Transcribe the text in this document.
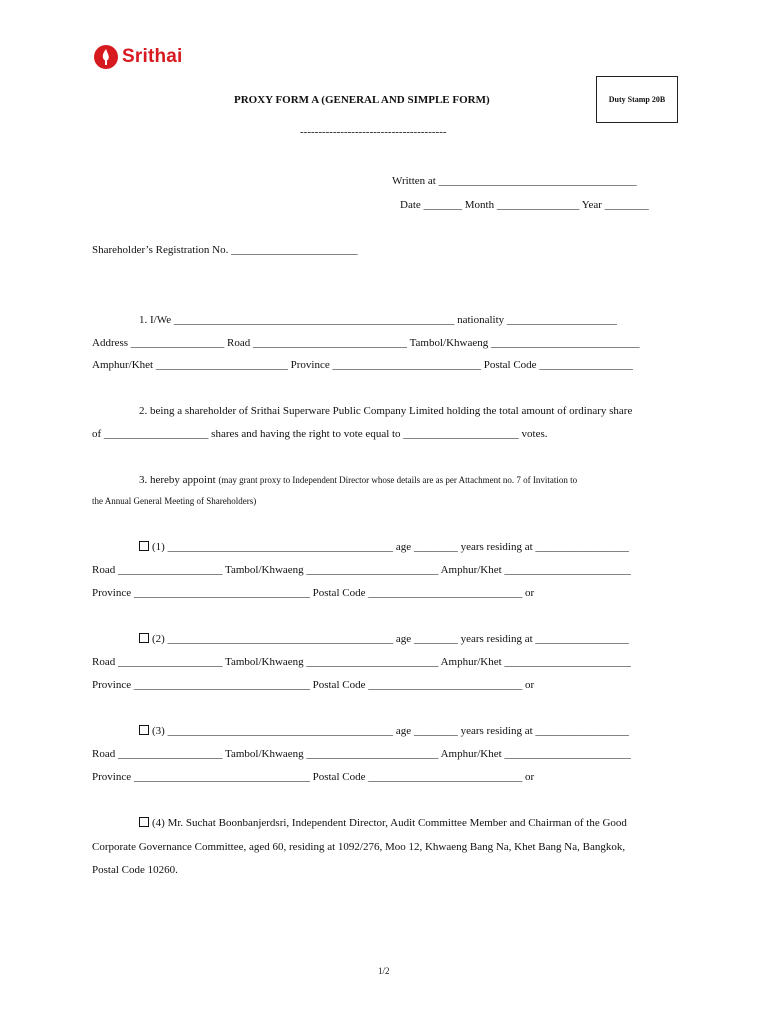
Srithai
PROXY FORM A (GENERAL AND SIMPLE FORM)
----------------------------------------
Duty Stamp 20B
Written at ____________________________________
Date _______ Month _______________ Year ________
Shareholder’s Registration No. _______________________
1. I/We ___________________________________________________ nationality ____________________
Address _________________ Road ____________________________ Tambol/Khwaeng ___________________________
Amphur/Khet ________________________ Province ___________________________ Postal Code _________________
2. being a shareholder of Srithai Superware Public Company Limited holding the total amount of ordinary share
of ___________________ shares and having the right to vote equal to _____________________ votes.
3. hereby appoint (may grant proxy to Independent Director whose details are as per Attachment no. 7 of Invitation to
the Annual General Meeting of Shareholders)
(1) _________________________________________ age ________ years residing at _________________
Road ___________________ Tambol/Khwaeng ________________________ Amphur/Khet _______________________
Province ________________________________ Postal Code ____________________________ or
(2) _________________________________________ age ________ years residing at _________________
Road ___________________ Tambol/Khwaeng ________________________ Amphur/Khet _______________________
Province ________________________________ Postal Code ____________________________ or
(3) _________________________________________ age ________ years residing at _________________
Road ___________________ Tambol/Khwaeng ________________________ Amphur/Khet _______________________
Province ________________________________ Postal Code ____________________________ or
(4) Mr. Suchat Boonbanjerdsri, Independent Director, Audit Committee Member and Chairman of the Good
Corporate Governance Committee, aged 60, residing at 1092/276, Moo 12, Khwaeng Bang Na, Khet Bang Na, Bangkok,
Postal Code 10260.
1/2
